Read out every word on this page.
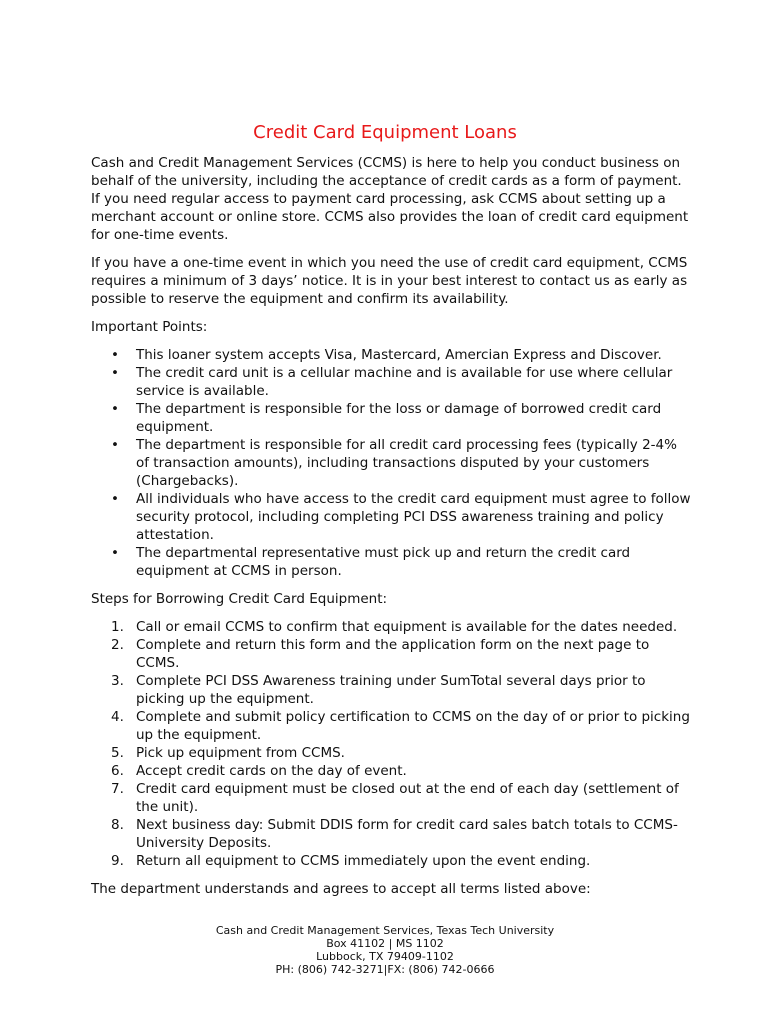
Credit Card Equipment Loans

Cash and Credit Management Services (CCMS) is here to help you conduct business on behalf of the university, including the acceptance of credit cards as a form of payment. If you need regular access to payment card processing, ask CCMS about setting up a merchant account or online store. CCMS also provides the loan of credit card equipment for one-time events.

If you have a one-time event in which you need the use of credit card equipment, CCMS requires a minimum of 3 days’ notice. It is in your best interest to contact us as early as possible to reserve the equipment and confirm its availability.

Important Points:

• This loaner system accepts Visa, Mastercard, Amercian Express and Discover.
• The credit card unit is a cellular machine and is available for use where cellular service is available.
• The department is responsible for the loss or damage of borrowed credit card equipment.
• The department is responsible for all credit card processing fees (typically 2-4% of transaction amounts), including transactions disputed by your customers (Chargebacks).
• All individuals who have access to the credit card equipment must agree to follow security protocol, including completing PCI DSS awareness training and policy attestation.
• The departmental representative must pick up and return the credit card equipment at CCMS in person.

Steps for Borrowing Credit Card Equipment:

1. Call or email CCMS to confirm that equipment is available for the dates needed.
2. Complete and return this form and the application form on the next page to CCMS.
3. Complete PCI DSS Awareness training under SumTotal several days prior to picking up the equipment.
4. Complete and submit policy certification to CCMS on the day of or prior to picking up the equipment.
5. Pick up equipment from CCMS.
6. Accept credit cards on the day of event.
7. Credit card equipment must be closed out at the end of each day (settlement of the unit).
8. Next business day: Submit DDIS form for credit card sales batch totals to CCMS-University Deposits.
9. Return all equipment to CCMS immediately upon the event ending.

The department understands and agrees to accept all terms listed above:

Cash and Credit Management Services, Texas Tech University
Box 41102 | MS 1102
Lubbock, TX 79409-1102
PH: (806) 742-3271|FX: (806) 742-0666
